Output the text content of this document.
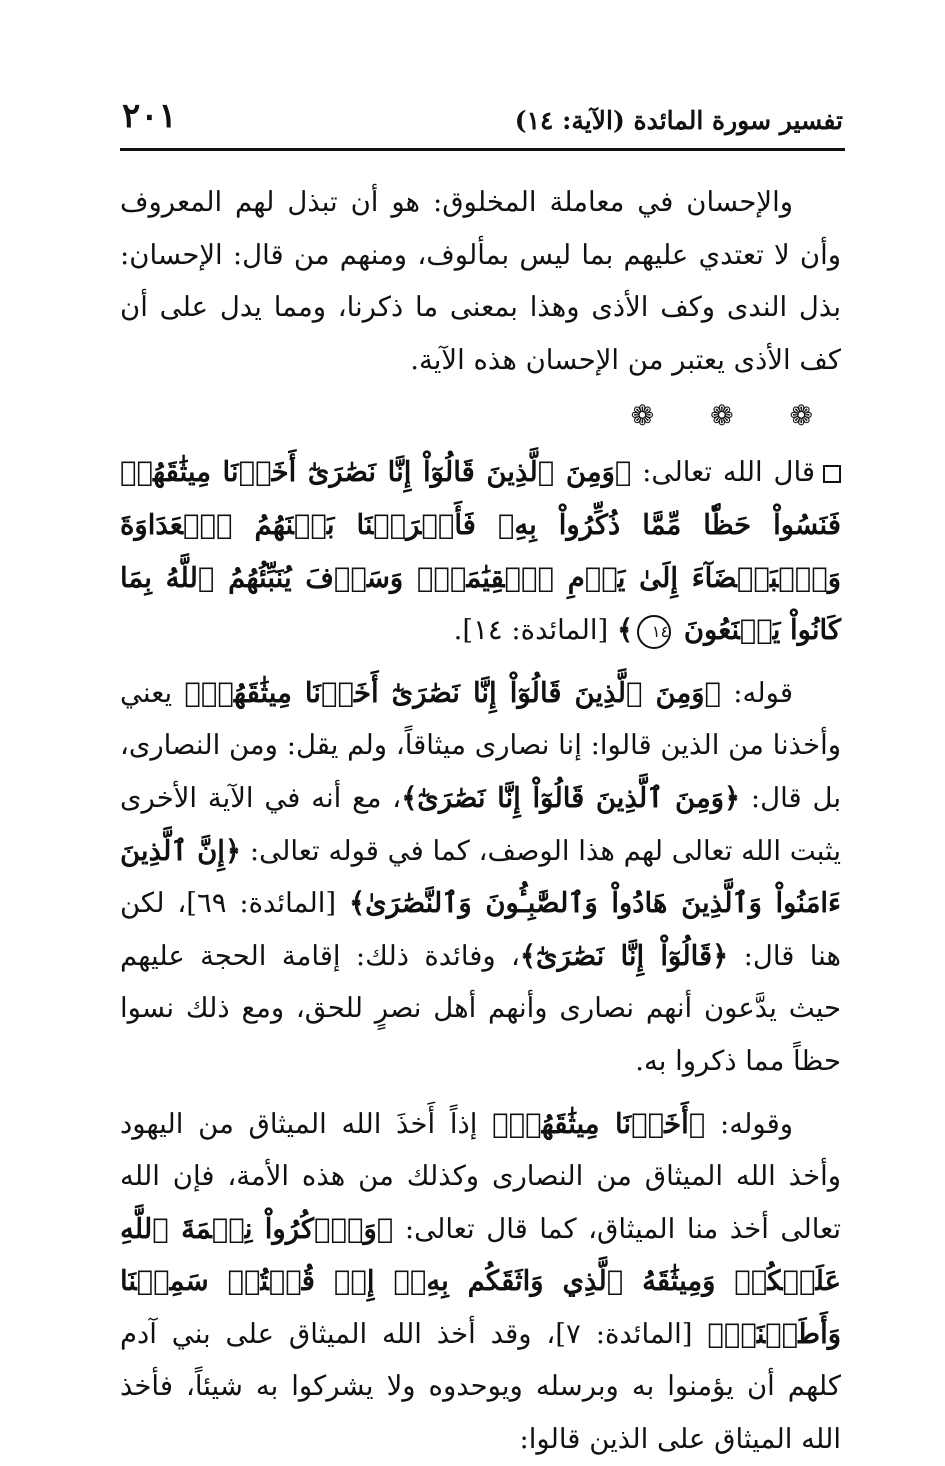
تفسير سورة المائدة (الآية: ١٤)
٢٠١

والإحسان في معاملة المخلوق: هو أن تبذل لهم المعروف وأن لا تعتدي عليهم بما ليس بمألوف، ومنهم من قال: الإحسان: بذل الندى وكف الأذى وهذا بمعنى ما ذكرنا، ومما يدل على أن كف الأذى يعتبر من الإحسان هذه الآية.

❁ ❁ ❁

قال الله تعالى: ﴿وَمِنَ ٱلَّذِينَ قَالُوٓاْ إِنَّا نَصَٰرَىٰٓ أَخَذۡنَا مِيثَٰقَهُمۡ فَنَسُواْ حَظّٗا مِّمَّا ذُكِّرُواْ بِهِۦ فَأَغۡرَيۡنَا بَيۡنَهُمُ ٱلۡعَدَاوَةَ وَٱلۡبَغۡضَآءَ إِلَىٰ يَوۡمِ ٱلۡقِيَٰمَةِۚ وَسَوۡفَ يُنَبِّئُهُمُ ٱللَّهُ بِمَا كَانُواْ يَصۡنَعُونَ ١٤﴾ [المائدة: ١٤].

قوله: ﴿وَمِنَ ٱلَّذِينَ قَالُوٓاْ إِنَّا نَصَٰرَىٰٓ أَخَذۡنَا مِيثَٰقَهُمۡ﴾ يعني وأخذنا من الذين قالوا: إنا نصارى ميثاقاً، ولم يقل: ومن النصارى، بل قال: ﴿وَمِنَ ٱلَّذِينَ قَالُوٓاْ إِنَّا نَصَٰرَىٰٓ﴾، مع أنه في الآية الأخرى يثبت الله تعالى لهم هذا الوصف، كما في قوله تعالى: ﴿إِنَّ ٱلَّذِينَ ءَامَنُواْ وَٱلَّذِينَ هَادُواْ وَٱلصَّٰبِـُٔونَ وَٱلنَّصَٰرَىٰ﴾ [المائدة: ٦٩]، لكن هنا قال: ﴿قَالُوٓاْ إِنَّا نَصَٰرَىٰٓ﴾، وفائدة ذلك: إقامة الحجة عليهم حيث يدَّعون أنهم نصارى وأنهم أهل نصرٍ للحق، ومع ذلك نسوا حظاً مما ذكروا به.

وقوله: ﴿أَخَذۡنَا مِيثَٰقَهُمۡ﴾ إذاً أَخذَ الله الميثاق من اليهود وأخذ الله الميثاق من النصارى وكذلك من هذه الأمة، فإن الله تعالى أخذ منا الميثاق، كما قال تعالى: ﴿وَٱذۡكُرُواْ نِعۡمَةَ ٱللَّهِ عَلَيۡكُمۡ وَمِيثَٰقَهُ ٱلَّذِي وَاثَقَكُم بِهِۦٓ إِذۡ قُلۡتُمۡ سَمِعۡنَا وَأَطَعۡنَاۖ﴾ [المائدة: ٧]، وقد أخذ الله الميثاق على بني آدم كلهم أن يؤمنوا به وبرسله ويوحدوه ولا يشركوا به شيئاً، فأخذ الله الميثاق على الذين قالوا:
